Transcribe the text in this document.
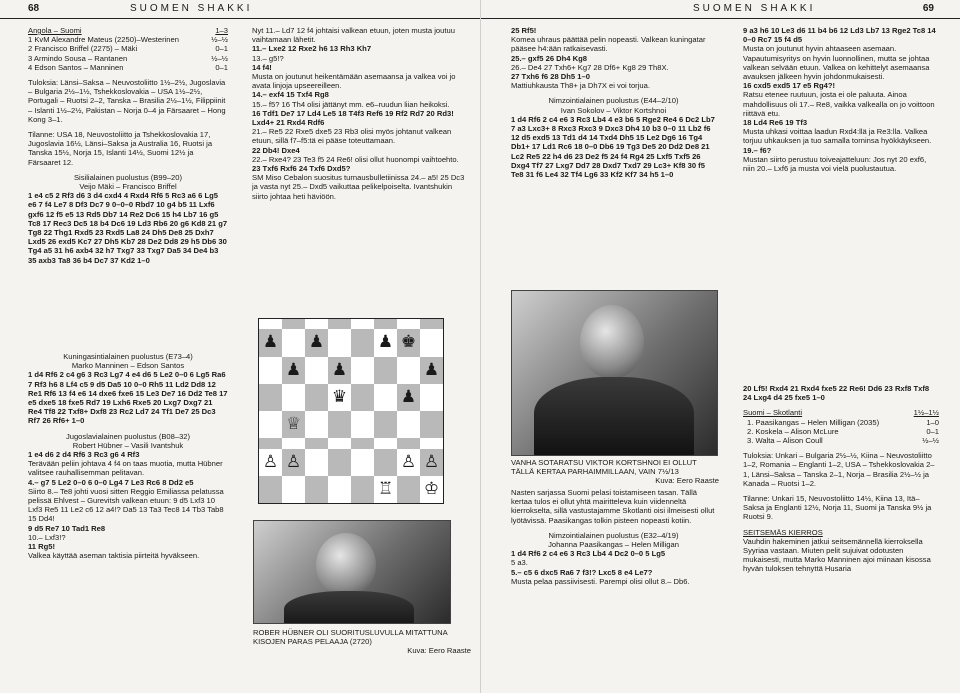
68	SUOMEN SHAKKI
Angola – Suomi	1–3
1 KvM Alexandre Mateus (2250)–Westerinen	½–½
2 Francisco Briffel (2275) – Mäki	0–1
3 Armindo Sousa – Rantanen	½–½
4 Edson Santos – Manninen	0–1

Tuloksia: Länsi–Saksa – Neuvostoliitto 1½–2½, Jugoslavia – Bulgaria 2½–1½, Tshekkoslovakia – USA 1½–2½, Portugali – Ruotsi 2–2, Tanska – Brasilia 2½–1½, Filippiinit – Islanti 1½–2½, Pakistan – Norja 0–4 ja Färsaaret – Hong Kong 3–1.

Tilanne: USA 18, Neuvostoliitto ja Tshekkoslovakia 17, Jugoslavia 16½, Länsi–Saksa ja Australia 16, Ruotsi ja Tanska 15½, Norja 15, Islanti 14½, Suomi 12½ ja Färsaaret 12.

Sisilialainen puolustus (B99–20)

Veijo Mäki – Francisco Briffel

1 e4 c5 2 Rf3 d6 3 d4 cxd4 4 Rxd4 Rf6 5 Rc3 a6 6 Lg5 e6 7 f4 Le7 8 Df3 Dc7 9 0–0–0 Rbd7 10 g4 b5 11 Lxf6 gxf6 12 f5 e5 13 Rd5 Db7 14 Re2 Dc6 15 h4 Lb7 16 g5 Tc8 17 Rec3 Dc5 18 b4 Dc6 19 Ld3 Rb6 20 g6 Kd8 21 g7 Tg8 22 Thg1 Rxd5 23 Rxd5 La8 24 Dh5 De8 25 Dxh7 Lxd5 26 exd5 Kc7 27 Dh5 Kb7 28 De2 Dd8 29 h5 Db6 30 Tg4 a5 31 h6 axb4 32 h7 Txg7 33 Txg7 Da5 34 De4 b3 35 axb3 Ta8 36 b4 Dc7 37 Kd2 1–0

Kuningasintialainen puolustus (E73–4)

Marko Manninen – Edson Santos

1 d4 Rf6 2 c4 g6 3 Rc3 Lg7 4 e4 d6 5 Le2 0–0 6 Lg5 Ra6 7 Rf3 h6 8 Lf4 c5 9 d5 Da5 10 0–0 Rh5 11 Ld2 Dd8 12 Re1 Rf6 13 f4 e6 14 dxe6 fxe6 15 Le3 De7 16 Dd2 Te8 17 e5 dxe5 18 fxe5 Rd7 19 Lxh6 Rxe5 20 Lxg7 Dxg7 21 Re4 Tf8 22 Txf8+ Dxf8 23 Rc2 Ld7 24 Tf1 De7 25 Dc3 Rf7 26 Rf6+ 1–0

Jugoslavialainen puolustus (B08–32)

Robert Hübner – Vasili Ivantshuk

1 e4 d6 2 d4 Rf6 3 Rc3 g6 4 Rf3

Terävään peliin johtava 4 f4 on taas muotia, mutta Hübner valitsee rauhallisemman pelitavan.

4.– g7 5 Le2 0–0 6 0–0 Lg4 7 Le3 Rc6 8 Dd2 e5

Siirto 8.– Te8 johti vuosi sitten Reggio Emiliassa pelatussa pelissä Ehlvest – Gurevitsh valkean etuun: 9 d5 Lxf3 10 Lxf3 Re5 11 Le2 c6 12 a4!? Da5 13 Ta3 Tec8 14 Tb3 Tab8 15 Dd4!

9 d5 Re7 10 Tad1 Re8

10.– Lxf3!?

11 Rg5!

Valkea käyttää aseman taktisia piirteitä hyväkseen.

Nyt 11.– Ld7 12 f4 johtaisi valkean etuun, joten musta joutuu vaihtamaan lähetit.

11.– Lxe2 12 Rxe2 h6 13 Rh3 Kh7

13.– g5!?

14 f4!

Musta on joutunut heikentämään asemaansa ja valkea voi jo avata linjoja upseereilleen.

14.– exf4 15 Txf4 Rg8

15.– f5? 16 Th4 olisi jättänyt mm. e6–ruudun liian heikoksi.

16 Tdf1 De7 17 Ld4 Le5 18 T4f3 Ref6 19 Rf2 Rd7 20 Rd3! Lxd4+ 21 Rxd4 Rdf6

21.– Re5 22 Rxe5 dxe5 23 Rb3 olisi myös johtanut valkean etuun, sillä f7–f5:tä ei pääse toteuttamaan.

22 Db4! Dxe4

22.– Rxe4? 23 Te3 f5 24 Re6! olisi ollut huonompi vaihtoehto.

23 Txf6 Rxf6 24 Txf6 Dxd5?

SM Miso Cebalon suositus turnausbulletiinissa 24.– a5! 25 Dc3 ja vasta nyt 25.– Dxd5 vaikuttaa pelikelpoiselta. Ivantshukin siirto johtaa heti häviöön.

♟ ♟	♟ ♚
♟ ♟	♟
♛	♟
♕
♙ ♙	♙ ♙
♖ ♔

ROBER HÜBNER OLI SUORITUSLUVULLA MITATTUNA KISOJEN PARAS PELAAJA (2720)

Kuva: Eero Raaste

SUOMEN SHAKKI	69

25 Rf5!

Komea uhraus päättää pelin nopeasti. Valkean kuningatar pääsee h4:ään ratkaisevasti.

25.– gxf5 26 Dh4 Kg8

26.– De4 27 Txh6+ Kg7 28 Df6+ Kg8 29 Th8X.

27 Txh6 f6 28 Dh5 1–0

Mattiuhkausta Th8+ ja Dh7X ei voi torjua.

Nimzointialainen puolustus (E44–2/10)

Ivan Sokolov – Viktor Kortshnoi

1 d4 Rf6 2 c4 e6 3 Rc3 Lb4 4 e3 b6 5 Rge2 Re4 6 Dc2 Lb7 7 a3 Lxc3+ 8 Rxc3 Rxc3 9 Dxc3 Dh4 10 b3 0–0 11 Lb2 f6 12 d5 exd5 13 Td1 d4 14 Txd4 Dh5 15 Le2 Dg6 16 Tg4 Db1+ 17 Ld1 Rc6 18 0–0 Db6 19 Tg3 De5 20 Dd2 De8 21 Lc2 Re5 22 h4 d6 23 De2 f5 24 f4 Rg4 25 Lxf5 Txf5 26 Dxg4 Tf7 27 Lxg7 Dd7 28 Dxd7 Txd7 29 Lc3+ Kf8 30 f5 Te8 31 f6 Le4 32 Tf4 Lg6 33 Kf2 Kf7 34 h5 1–0

VANHA SOTARATSU VIKTOR KORTSHNOI EI OLLUT TÄLLÄ KERTAA PARHAIMMILLAAN, VAIN 7½/13

Kuva: Eero Raaste

Nasten sarjassa Suomi pelasi toistamiseen tasan. Tällä kertaa tulos ei ollut yhtä mairitteleva kuin viidenneltä kierrokselta, sillä vastustajamme Skotlanti oisi ilmeisesti ollut lyötävissä. Paasikangas tolkin pisteen nopeasti kotiin.

Nimzointialainen puolustus (E32–4/19)

Johanna Paasikangas – Helen Milligan

1 d4 Rf6 2 c4 e6 3 Rc3 Lb4 4 Dc2 0–0 5 Lg5

5 a3.

5.– c5 6 dxc5 Ra6 7 f3!? Lxc5 8 e4 Le7?

Musta pelaa passiivisesti. Parempi olisi ollut 8.– Db6.

9 a3 h6 10 Le3 d6 11 b4 b6 12 Ld3 Lb7 13 Rge2 Tc8 14 0–0 Rc7 15 f4 d5

Musta on joutunut hyvin ahtaaseen asemaan. Vapautumisyritys on hyvin luonnollinen, mutta se johtaa valkean selvään etuun. Valkea on kehittelyt asemaansa avauksen jälkeen hyvin johdonmukaisesti.

16 cxd5 exd5 17 e5 Rg4?!

Ratsu etenee ruutuun, josta ei ole paluuta. Ainoa mahdollisuus oli 17.– Re8, vaikka valkealla on jo voittoon riittävä etu.

18 Ld4 Re6 19 Tf3

Musta uhkasi voittaa laadun Rxd4:llä ja Re3:lla. Valkea torjuu uhkauksen ja tuo samalla torninsa hyökkäykseen.

19.– f6?

Mustan siirto perustuu toiveajatteluun: Jos nyt 20 exf6, niin 20.– Lxf6 ja musta voi vielä puolustautua.

20 Lf5! Rxd4 21 Rxd4 fxe5 22 Re6! Dd6 23 Rxf8 Txf8 24 Lxg4 d4 25 fxe5 1–0

Suomi – Skotlanti	1½–1½
1. Paasikangas – Helen Milligan (2035)	1–0
2. Koskela – Alison McLure	0–1
3. Walta – Alison Coull	½–½

Tuloksia: Unkari – Bulgaria 2½–½, Kiina – Neuvostoliitto 1–2, Romania – Englanti 1–2, USA – Tshekkoslovakia 2–1, Länsi–Saksa – Tanska 2–1, Norja – Brasilia 2½–½ ja Kanada – Ruotsi 1–2.

Tilanne: Unkari 15, Neuvostoliitto 14½, Kiina 13, Itä–Saksa ja Englanti 12½, Norja 11, Suomi ja Tanska 9½ ja Ruotsi 9.

SEITSEMÄS KIERROS

Vauhdin hakeminen jatkui seitsemännellä kierroksella Syyriaa vastaan. Miuten pelit sujuivat odotusten mukaisesti, mutta Marko Manninen ajoi miinaan kisossa hyvän tuloksen tehnyttä Husaria
